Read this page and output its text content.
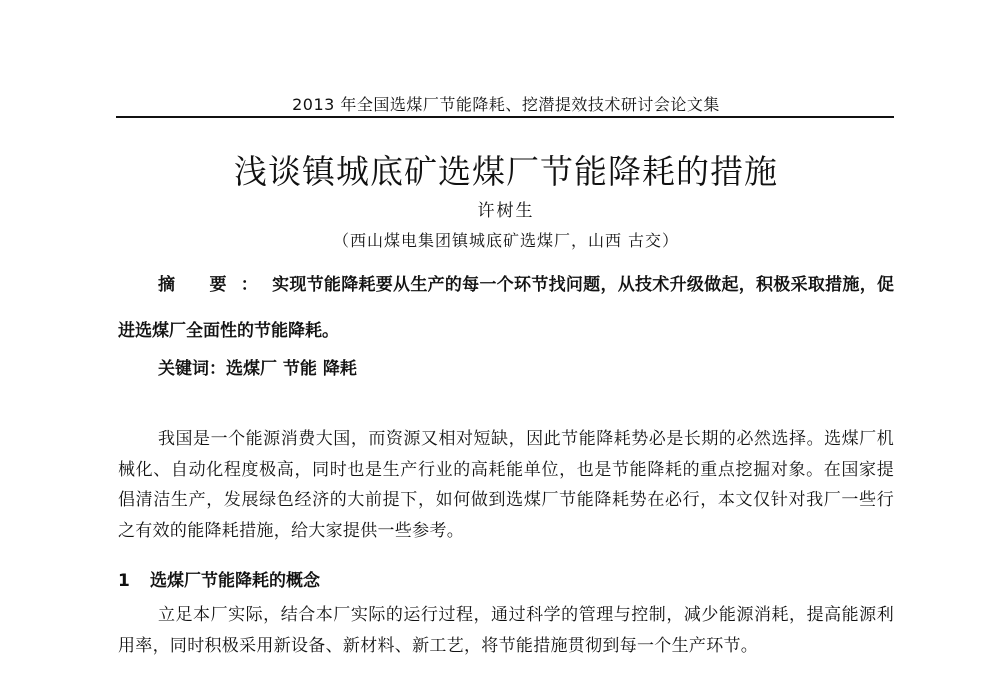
2013 年全国选煤厂节能降耗、挖潜提效技术研讨会论文集
浅谈镇城底矿选煤厂节能降耗的措施
许树生
（西山煤电集团镇城底矿选煤厂，山西 古交）
摘 要：实现节能降耗要从生产的每一个环节找问题，从技术升级做起，积极采取措施，促进选煤厂全面性的节能降耗。
关键词：选煤厂 节能 降耗
我国是一个能源消费大国，而资源又相对短缺，因此节能降耗势必是长期的必然选择。选煤厂机械化、自动化程度极高，同时也是生产行业的高耗能单位，也是节能降耗的重点挖掘对象。在国家提倡清洁生产，发展绿色经济的大前提下，如何做到选煤厂节能降耗势在必行，本文仅针对我厂一些行之有效的能降耗措施，给大家提供一些参考。
1 选煤厂节能降耗的概念
立足本厂实际，结合本厂实际的运行过程，通过科学的管理与控制，减少能源消耗，提高能源利用率，同时积极采用新设备、新材料、新工艺，将节能措施贯彻到每一个生产环节。
